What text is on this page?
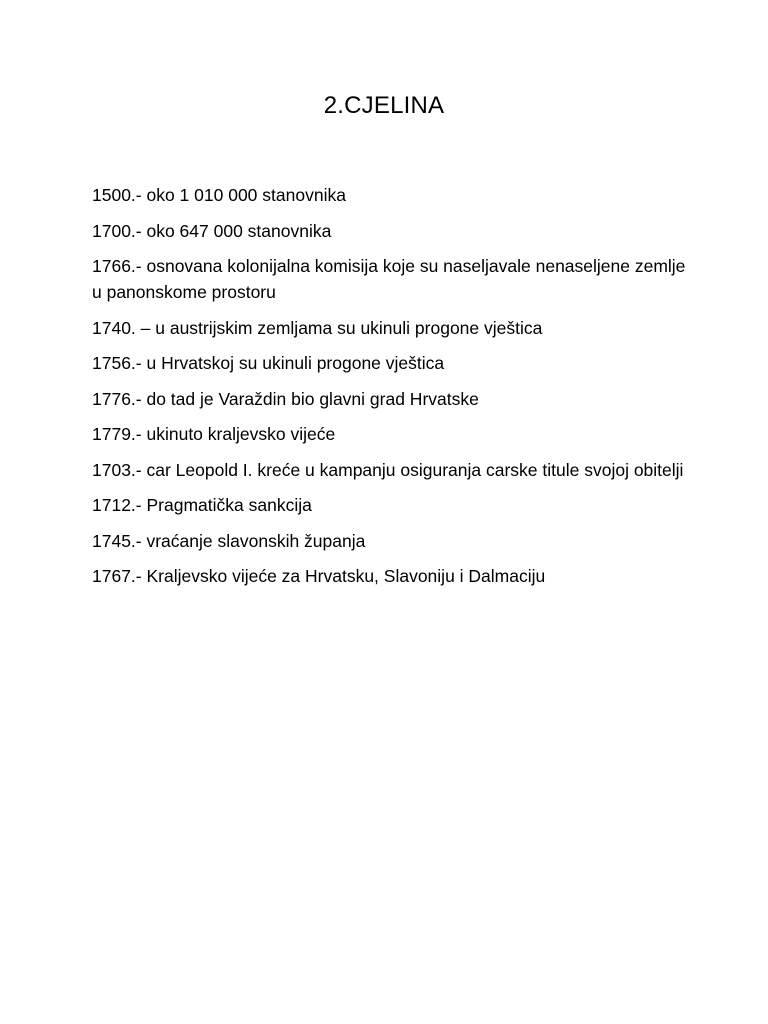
2.CJELINA
1500.- oko 1 010 000 stanovnika
1700.- oko 647 000 stanovnika
1766.- osnovana kolonijalna komisija koje su naseljavale nenaseljene zemlje u panonskome prostoru
1740. – u austrijskim zemljama su ukinuli progone vještica
1756.- u Hrvatskoj su ukinuli progone vještica
1776.- do tad je Varaždin bio glavni grad Hrvatske
1779.- ukinuto kraljevsko vijeće
1703.- car Leopold I. kreće u kampanju osiguranja carske titule svojoj obitelji
1712.- Pragmatička sankcija
1745.- vraćanje slavonskih županja
1767.- Kraljevsko vijeće za Hrvatsku, Slavoniju i Dalmaciju
